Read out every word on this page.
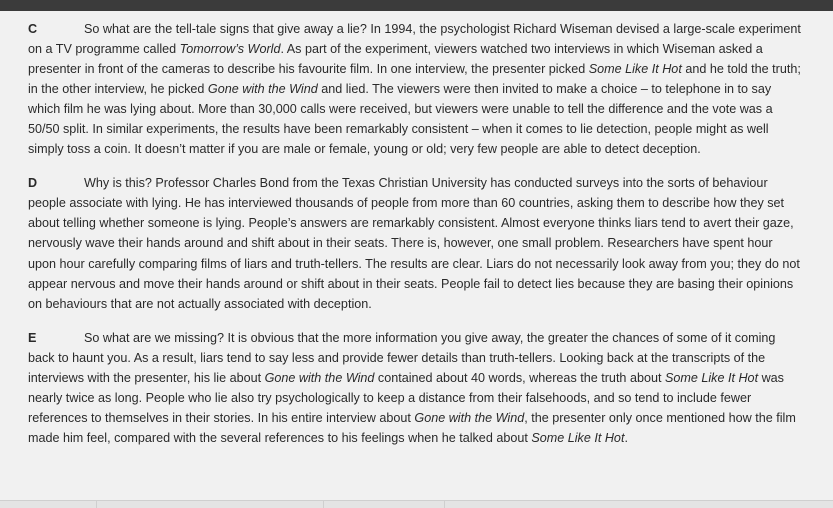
C	So what are the tell-tale signs that give away a lie? In 1994, the psychologist Richard Wiseman devised a large-scale experiment on a TV programme called Tomorrow’s World. As part of the experiment, viewers watched two interviews in which Wiseman asked a presenter in front of the cameras to describe his favourite film. In one interview, the presenter picked Some Like It Hot and he told the truth; in the other interview, he picked Gone with the Wind and lied. The viewers were then invited to make a choice – to telephone in to say which film he was lying about. More than 30,000 calls were received, but viewers were unable to tell the difference and the vote was a 50/50 split. In similar experiments, the results have been remarkably consistent – when it comes to lie detection, people might as well simply toss a coin. It doesn’t matter if you are male or female, young or old; very few people are able to detect deception.

D	Why is this? Professor Charles Bond from the Texas Christian University has conducted surveys into the sorts of behaviour people associate with lying. He has interviewed thousands of people from more than 60 countries, asking them to describe how they set about telling whether someone is lying. People’s answers are remarkably consistent. Almost everyone thinks liars tend to avert their gaze, nervously wave their hands around and shift about in their seats. There is, however, one small problem. Researchers have spent hour upon hour carefully comparing films of liars and truth-tellers. The results are clear. Liars do not necessarily look away from you; they do not appear nervous and move their hands around or shift about in their seats. People fail to detect lies because they are basing their opinions on behaviours that are not actually associated with deception.

E	So what are we missing? It is obvious that the more information you give away, the greater the chances of some of it coming back to haunt you. As a result, liars tend to say less and provide fewer details than truth-tellers. Looking back at the transcripts of the interviews with the presenter, his lie about Gone with the Wind contained about 40 words, whereas the truth about Some Like It Hot was nearly twice as long. People who lie also try psychologically to keep a distance from their falsehoods, and so tend to include fewer references to themselves in their stories. In his entire interview about Gone with the Wind, the presenter only once mentioned how the film made him feel, compared with the several references to his feelings when he talked about Some Like It Hot.
